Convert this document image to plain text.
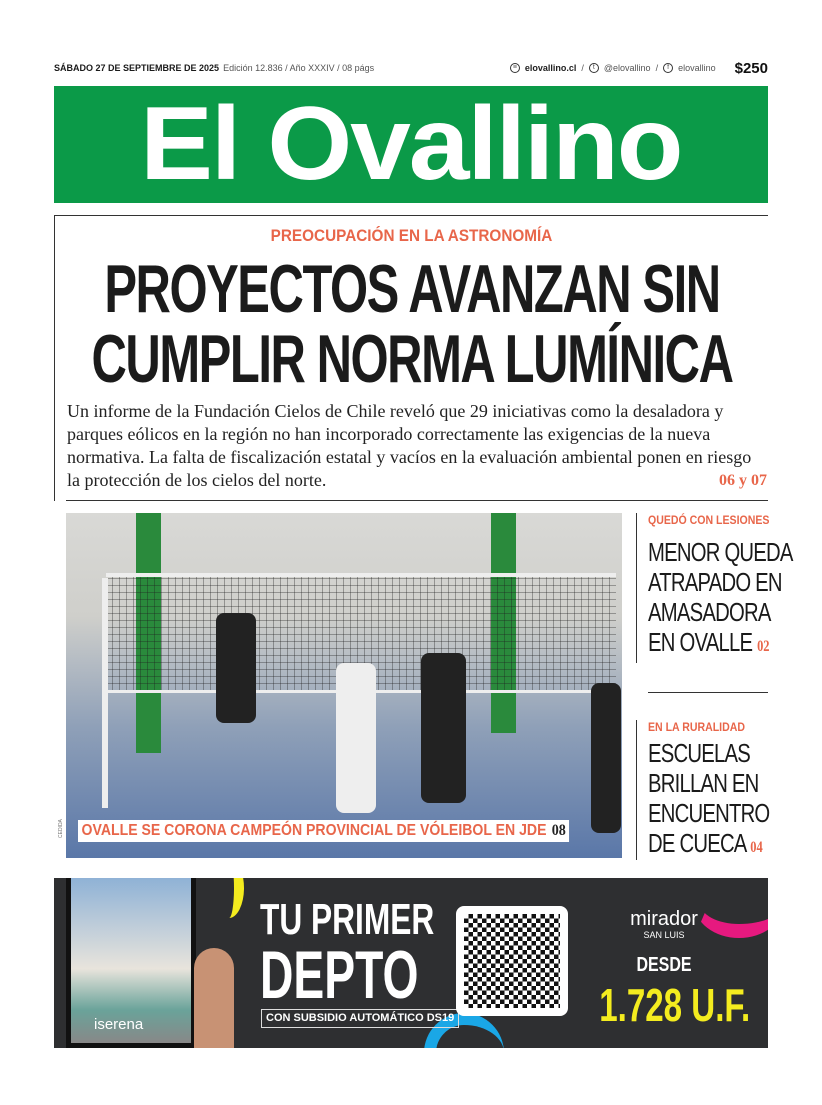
SÁBADO 27 DE SEPTIEMBRE DE 2025 Edición 12.836 / Año XXXIV / 08 págs	≡ elovallino.cl /	t	@elovallino /	f	elovallino $250
El Ovallino
PREOCUPACIÓN EN LA ASTRONOMÍA
PROYECTOS AVANZAN SIN
CUMPLIR NORMA LUMÍNICA
Un informe de la Fundación Cielos de Chile reveló que 29 iniciativas como la desaladora y parques eólicos en la región no han incorporado correctamente las exigencias de la nueva normativa. La falta de fiscalización estatal y vacíos en la evaluación ambiental ponen en riesgo la protección de los cielos del norte.	06 y 07
OVALLE SE CORONA CAMPEÓN PROVINCIAL DE VÓLEIBOL EN JDE 08
CEDIDA
QUEDÓ CON LESIONES
MENOR QUEDA
ATRAPADO EN
AMASADORA
EN OVALLE 02
EN LA RURALIDAD
ESCUELAS
BRILLAN EN
ENCUENTRO
DE CUECA 04
iserena
TU PRIMER
DEPTO
CON SUBSIDIO AUTOMÁTICO DS19
mirador
SAN LUIS
DESDE
1.728 U.F.
